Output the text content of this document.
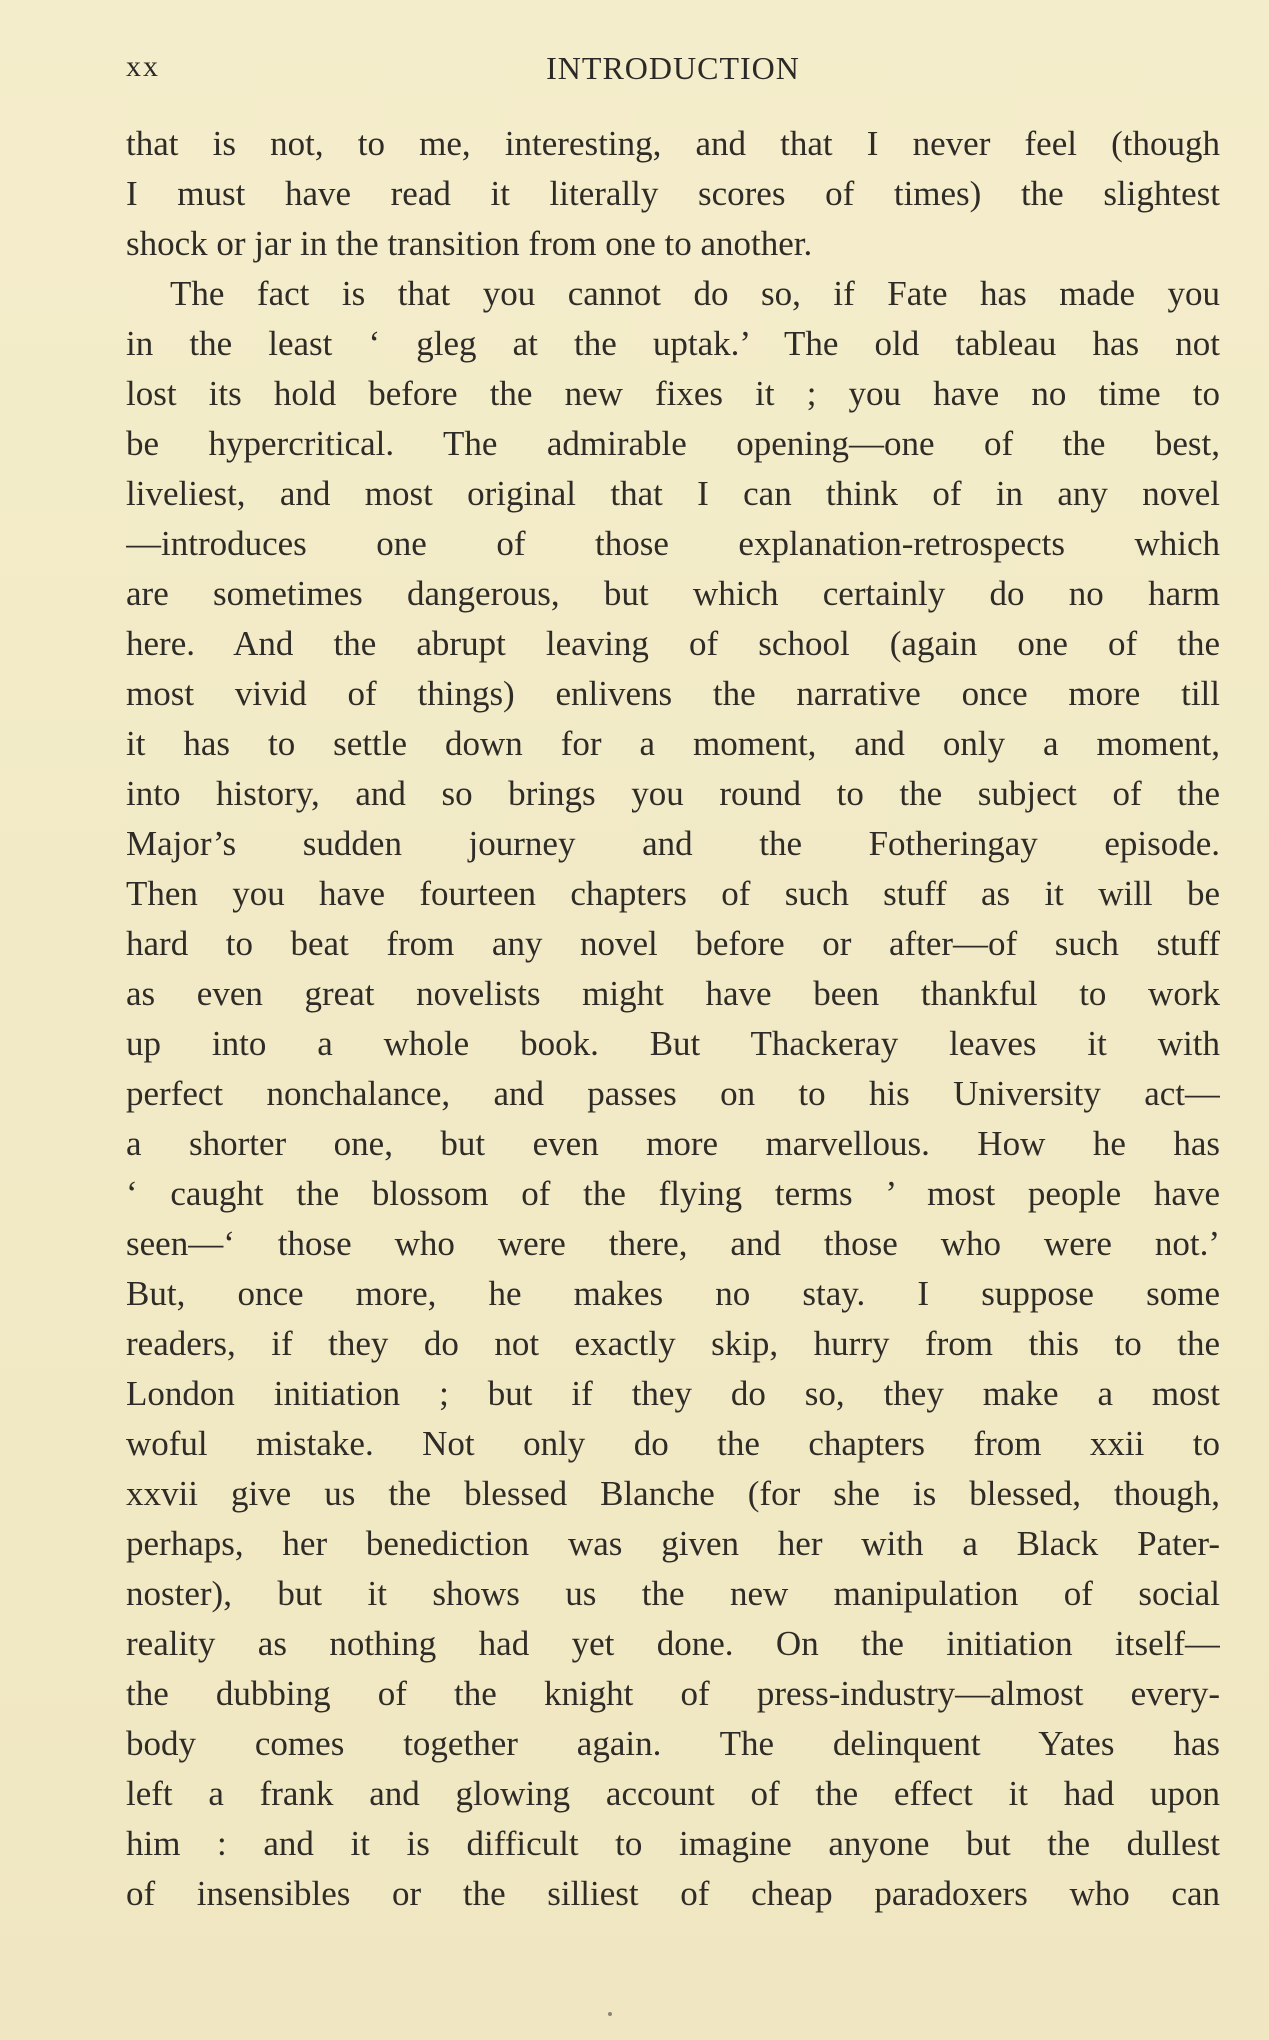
xx	INTRODUCTION
that is not, to me, interesting, and that I never feel (though
I must have read it literally scores of times) the slightest
shock or jar in the transition from one to another.
The fact is that you cannot do so, if Fate has made you
in the least ‘ gleg at the uptak.’ The old tableau has not
lost its hold before the new fixes it ; you have no time to
be hypercritical. The admirable opening—one of the best,
liveliest, and most original that I can think of in any novel
—introduces one of those explanation-retrospects which
are sometimes dangerous, but which certainly do no harm
here. And the abrupt leaving of school (again one of the
most vivid of things) enlivens the narrative once more till
it has to settle down for a moment, and only a moment,
into history, and so brings you round to the subject of the
Major’s sudden journey and the Fotheringay episode.
Then you have fourteen chapters of such stuff as it will be
hard to beat from any novel before or after—of such stuff
as even great novelists might have been thankful to work
up into a whole book. But Thackeray leaves it with
perfect nonchalance, and passes on to his University act—
a shorter one, but even more marvellous. How he has
‘ caught the blossom of the flying terms ’ most people have
seen—‘ those who were there, and those who were not.’
But, once more, he makes no stay. I suppose some
readers, if they do not exactly skip, hurry from this to the
London initiation ; but if they do so, they make a most
woful mistake. Not only do the chapters from xxii to
xxvii give us the blessed Blanche (for she is blessed, though,
perhaps, her benediction was given her with a Black Pater-
noster), but it shows us the new manipulation of social
reality as nothing had yet done. On the initiation itself—
the dubbing of the knight of press-industry—almost every-
body comes together again. The delinquent Yates has
left a frank and glowing account of the effect it had upon
him : and it is difficult to imagine anyone but the dullest
of insensibles or the silliest of cheap paradoxers who can
